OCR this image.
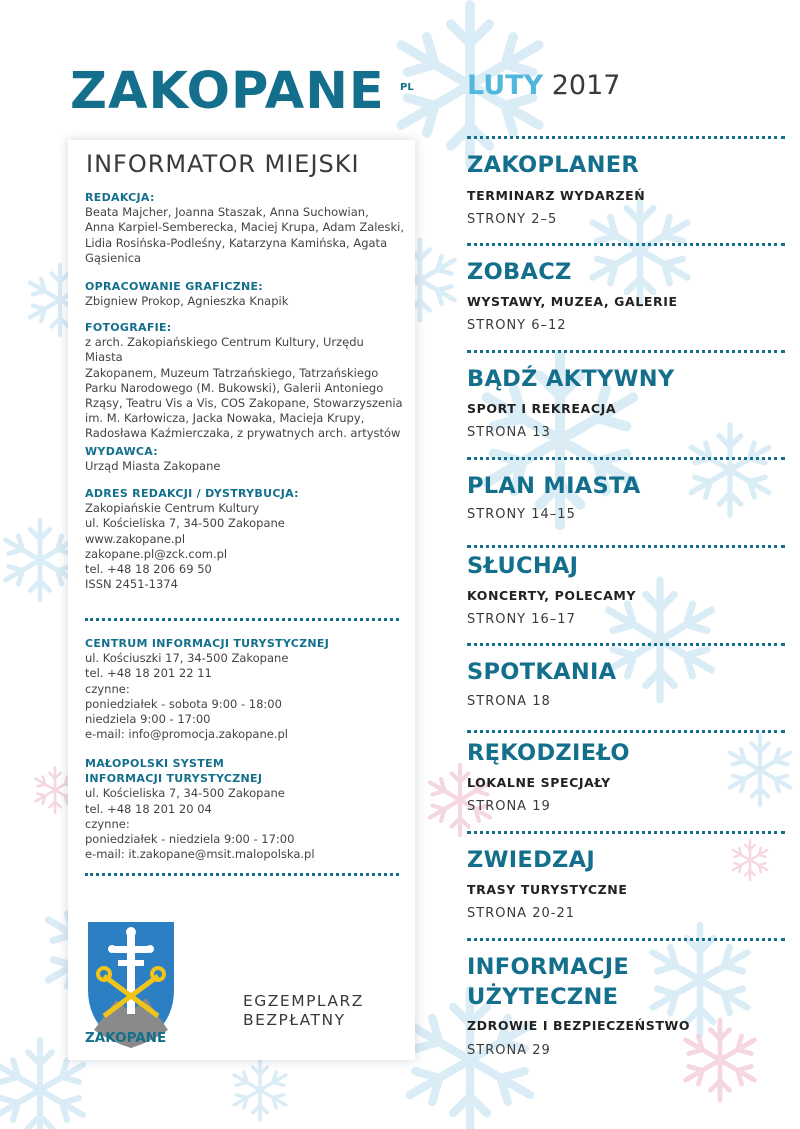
ZAKOPANE PL LUTY 2017
INFORMATOR MIEJSKI
REDAKCJA:
Beata Majcher, Joanna Staszak, Anna Suchowian,
Anna Karpiel-Semberecka, Maciej Krupa, Adam Zaleski,
Lidia Rosińska-Podleśny, Katarzyna Kamińska, Agata
Gąsienica
OPRACOWANIE GRAFICZNE:
Zbigniew Prokop, Agnieszka Knapik
FOTOGRAFIE:
z arch. Zakopiańskiego Centrum Kultury, Urzędu Miasta
Zakopanem, Muzeum Tatrzańskiego, Tatrzańskiego
Parku Narodowego (M. Bukowski), Galerii Antoniego
Rząsy, Teatru Vis a Vis, COS Zakopane, Stowarzyszenia
im. M. Karłowicza, Jacka Nowaka, Macieja Krupy,
Radosława Kaźmierczaka, z prywatnych arch. artystów
WYDAWCA:
Urząd Miasta Zakopane
ADRES REDAKCJI / DYSTRYBUCJA:
Zakopiańskie Centrum Kultury
ul. Kościeliska 7, 34-500 Zakopane
www.zakopane.pl
zakopane.pl@zck.com.pl
tel. +48 18 206 69 50
ISSN 2451-1374
CENTRUM INFORMACJI TURYSTYCZNEJ
ul. Kościuszki 17, 34-500 Zakopane
tel. +48 18 201 22 11
czynne:
poniedziałek - sobota 9:00 - 18:00
niedziela 9:00 - 17:00
e-mail: info@promocja.zakopane.pl
MAŁOPOLSKI SYSTEM
INFORMACJI TURYSTYCZNEJ
ul. Kościeliska 7, 34-500 Zakopane
tel. +48 18 201 20 04
czynne:
poniedziałek - niedziela 9:00 - 17:00
e-mail: it.zakopane@msit.malopolska.pl
ZAKOPANE
EGZEMPLARZ
BEZPŁATNY
ZAKOPLANER
TERMINARZ WYDARZEŃ
STRONY 2–5
ZOBACZ
WYSTAWY, MUZEA, GALERIE
STRONY 6–12
BĄDŹ AKTYWNY
SPORT I REKREACJA
STRONA 13
PLAN MIASTA
STRONY 14–15
SŁUCHAJ
KONCERTY, POLECAMY
STRONY 16–17
SPOTKANIA
STRONA 18
RĘKODZIEŁO
LOKALNE SPECJAŁY
STRONA 19
ZWIEDZAJ
TRASY TURYSTYCZNE
STRONA 20-21
INFORMACJE
UŻYTECZNE
ZDROWIE I BEZPIECZEŃSTWO
STRONA 29
